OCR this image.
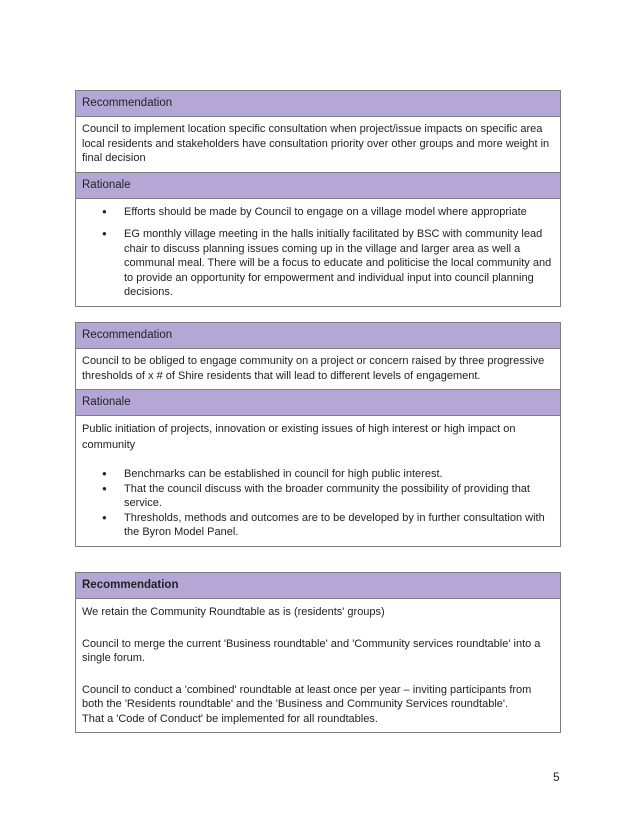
Recommendation
Council to implement location specific consultation when project/issue impacts on specific area local residents and stakeholders have consultation priority over other groups and more weight in final decision
Rationale
● Efforts should be made by Council to engage on a village model where appropriate
● EG monthly village meeting in the halls initially facilitated by BSC with community lead chair to discuss planning issues coming up in the village and larger area as well a communal meal. There will be a focus to educate and politicise the local community and to provide an opportunity for empowerment and individual input into council planning decisions.
Recommendation
Council to be obliged to engage community on a project or concern raised by three progressive thresholds of x # of Shire residents that will lead to different levels of engagement.
Rationale

Public initiation of projects, innovation or existing issues of high interest or high impact on community

● Benchmarks can be established in council for high public interest.
● That the council discuss with the broader community the possibility of providing that service.
● Thresholds, methods and outcomes are to be developed by in further consultation with the Byron Model Panel.
Recommendation

We retain the Community Roundtable as is (residents' groups)

Council to merge the current 'Business roundtable' and 'Community services roundtable' into a single forum.

Council to conduct a 'combined' roundtable at least once per year – inviting participants from both the 'Residents roundtable' and the 'Business and Community Services roundtable'.

That a 'Code of Conduct' be implemented for all roundtables.

5
